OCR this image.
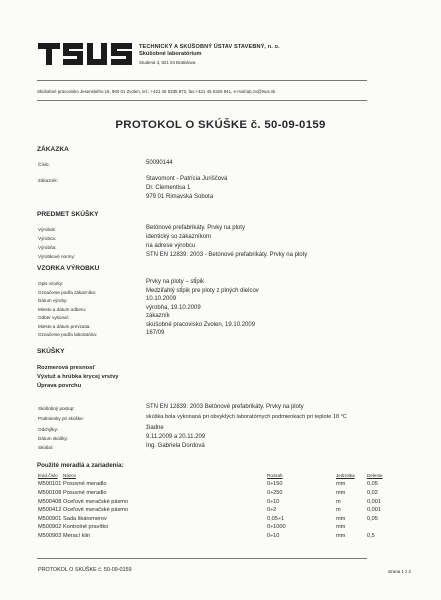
TECHNICKÝ A SKÚŠOBNÝ ÚSTAV STAVEBNÝ, n. o.
Skúšobné laboratórium
Studená 3, 821 04 Bratislava
Skúšobné pracovisko Jesenského 15, 960 01 Zvolen, tel.: +421 45 5335 872, fax:+421 45 5326 941, e-mail:ab.zv@tsus.sk
PROTOKOL O SKÚŠKE č. 50-09-0159
ZÁKAZKA
Číslo:	50090144
Zákazník:	Stavomont - Patrícia Juriščová
Dr. Clementisa 1
979 01 Rimavská Sobota
PREDMET SKÚŠKY
Výrobok:	Betónové prefabrikáty. Prvky na ploty
Výrobca:	identický so zákazníkom
Výrobňa:	na adrese výrobcu
Výrobkové normy:	STN EN 12839: 2003 - Betónové prefabrikáty. Prvky na ploty
VZORKA VÝROBKU
Opis vzorky:	Prvky na ploty – stĺpik
Označenie podľa zákazníka:	Medziľahlý stĺpik pre ploty z plných dielcov
Dátum výroby:	10.10.2009
Miesto a dátum odberu:	výrobňa, 19.10.2009
Odber vykonal:	zákazník
Miesto a dátum prevzatia:	skúšobné pracovisko Zvolen, 19.10.2009
Označenie podľa laboratória:	167/09
SKÚŠKY
Rozmerová presnosť
Výstuž a hrúbka krycej vrstvy
Úprava povrchu
Skúšobný postup:	STN EN 12839: 2003 Betónové prefabrikáty. Prvky na ploty
Podmienky pri skúške:	skúška bola vykonaná pri obvyklých laboratórnych podmienkach pri teplote 18 °C
Odchýlky:	žiadne
Dátum skúšky:	9.11.2009 a 20.11.209
Skúšal:	Ing. Gabriela Dordová
Použité meradlá a zariadenia:
Evid.číslo Názov	Rozsah	Jednotka	Delenie
M500101 Posuvné meradlo	0÷150	mm	0,05
M500108 Posuvné meradlo	0÷250	mm	0,02
M500408 Oceľové meračské pásmo	0÷10	m	0,001
M500412 Oceľové meračské pásmo	0÷2	m	0,001
M500901 Sada škáromerov	0,05÷1	mm	0,05
M500902 Kontrolné pravítko	0÷1000	mm
M500903 Merací klin	0÷10	mm	0,5
PROTOKOL O SKÚŠKE č. 50-09-0159	strana 1 z 2
